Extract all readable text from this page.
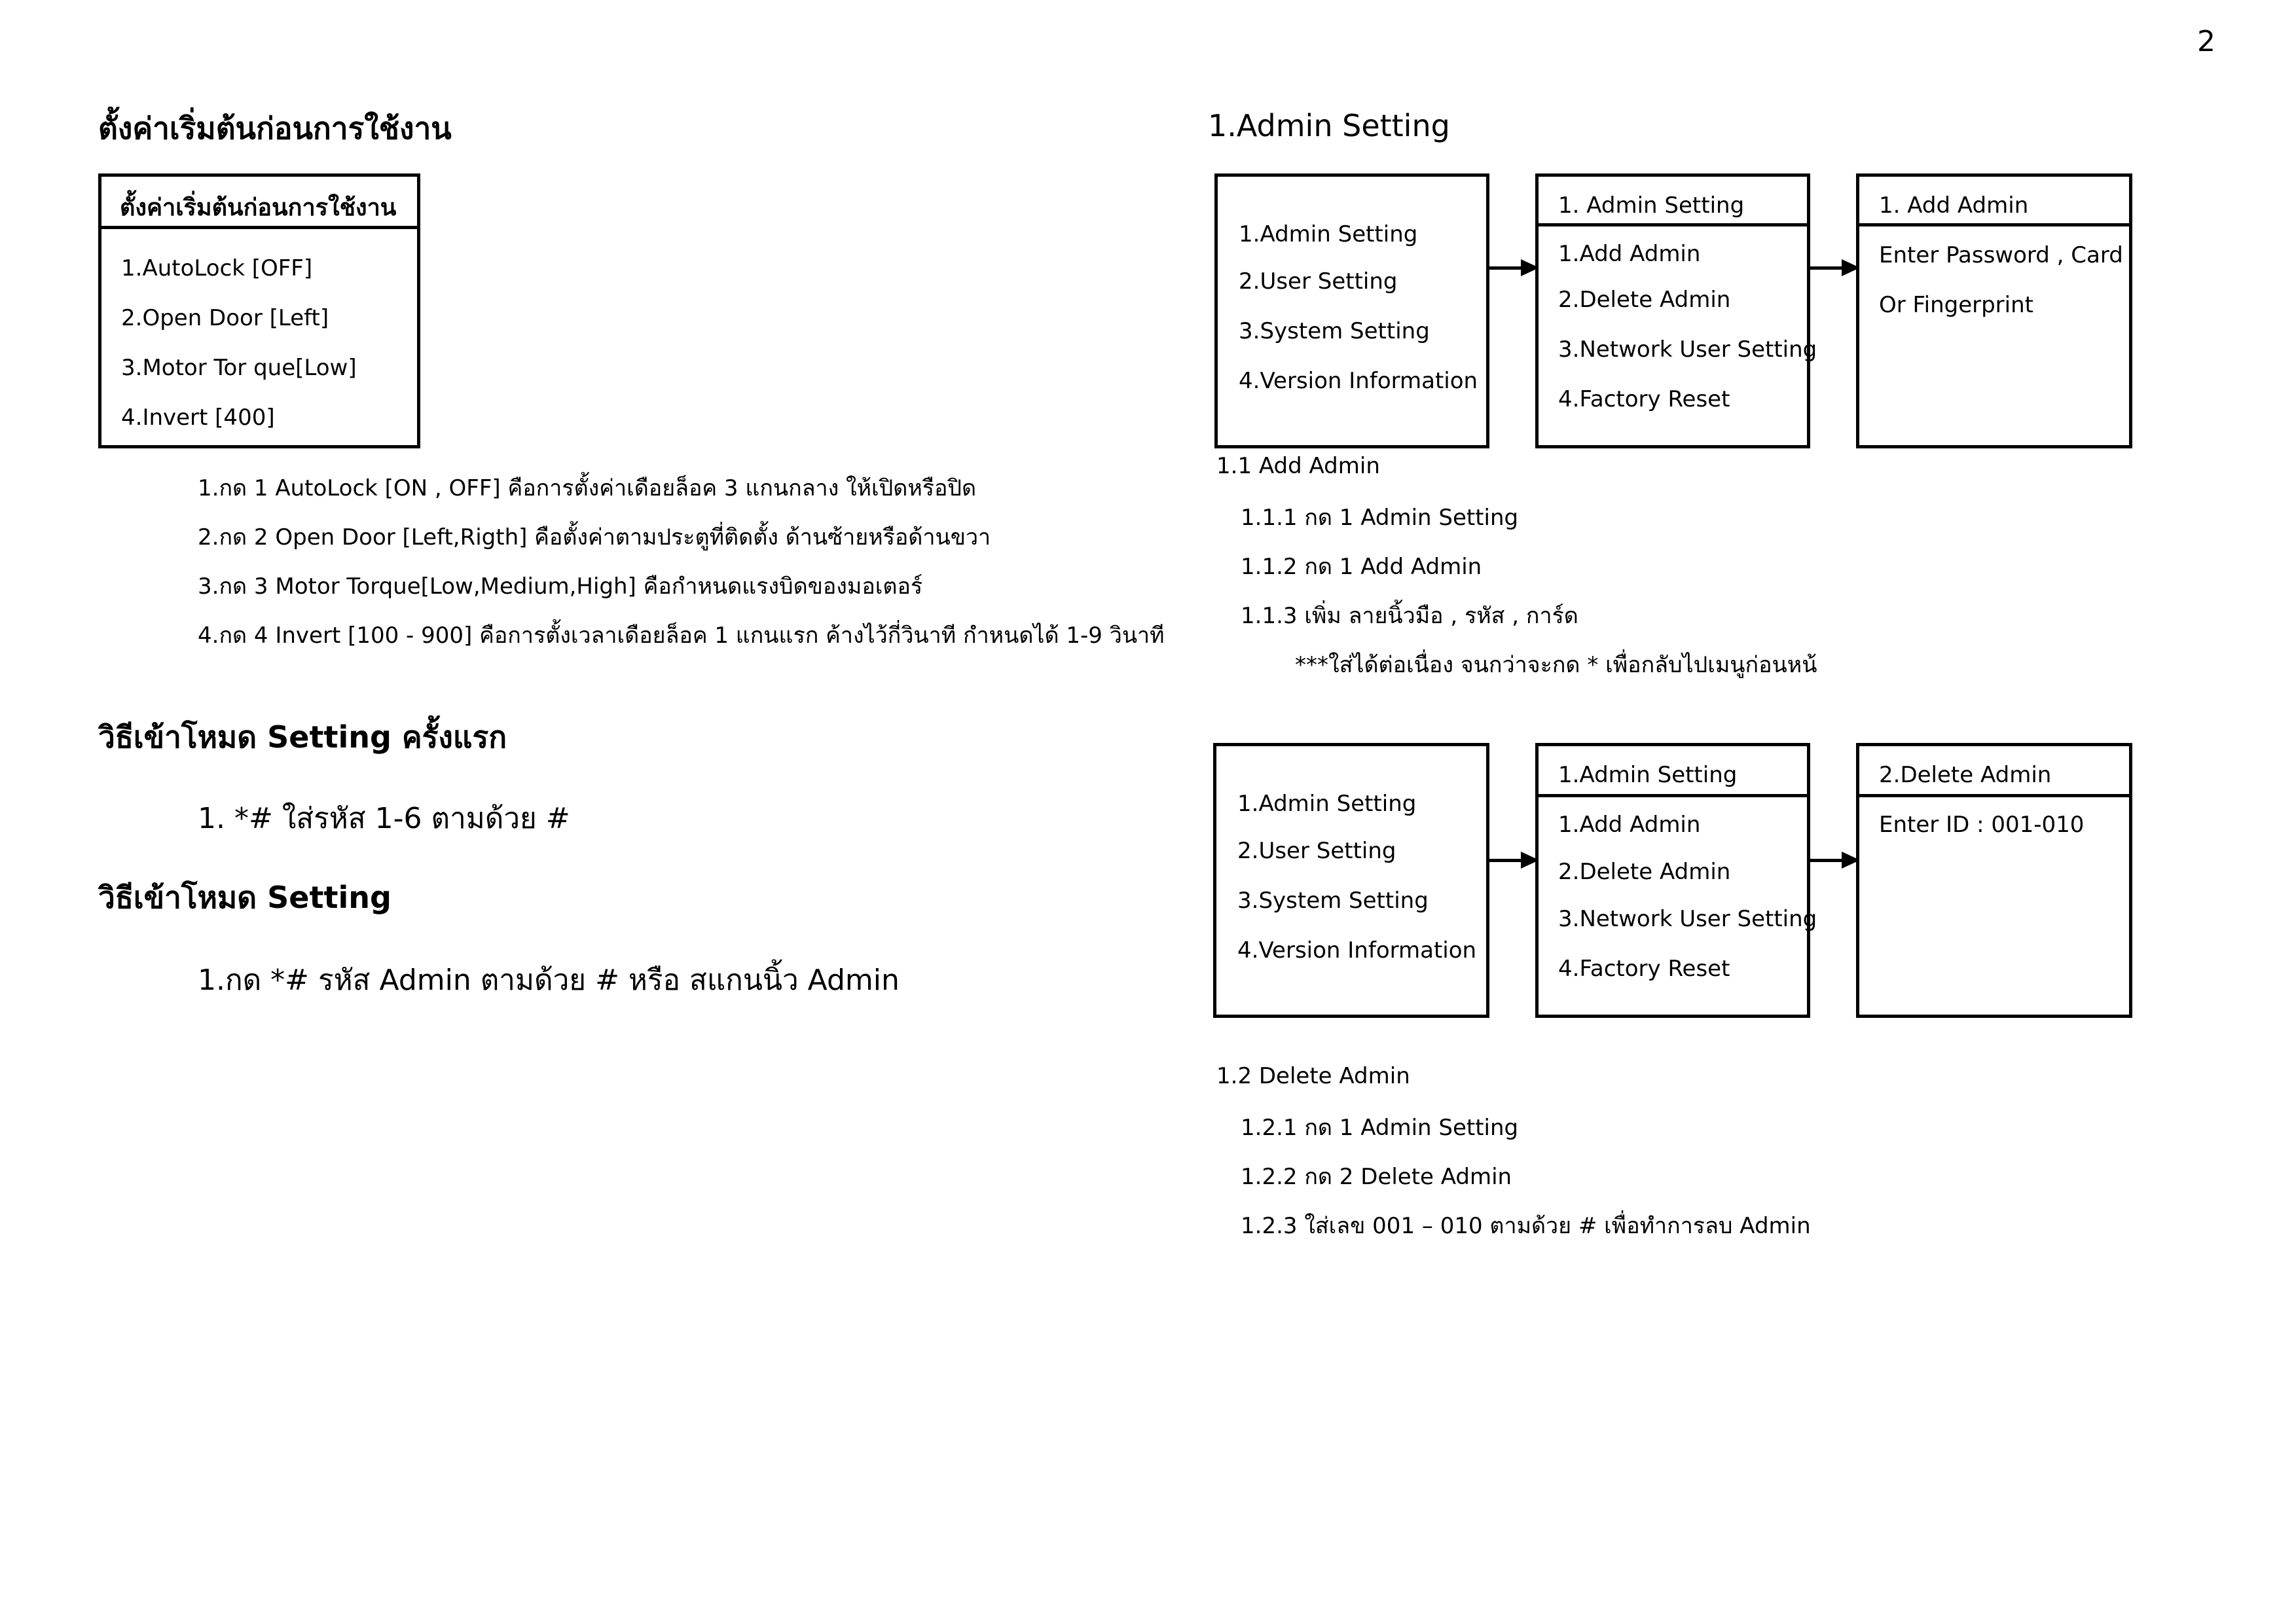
2
ตั้งค่าเริ่มต้นก่อนการใช้งาน
ตั้งค่าเริ่มต้นก่อนการใช้งาน
1.AutoLock [OFF]
2.Open Door [Left]
3.Motor Tor que[Low]
4.Invert [400]
1.กด 1 AutoLock [ON , OFF] คือการตั้งค่าเดือยล็อค 3 แกนกลาง ให้เปิดหรือปิด
2.กด 2 Open Door [Left,Rigth] คือตั้งค่าตามประตูที่ติดตั้ง ด้านซ้ายหรือด้านขวา
3.กด 3 Motor Torque[Low,Medium,High] คือกำหนดแรงบิดของมอเตอร์
4.กด 4 Invert [100 - 900] คือการตั้งเวลาเดือยล็อค 1 แกนแรก ค้างไว้กี่วินาที กำหนดได้ 1-9 วินาที
วิธีเข้าโหมด Setting ครั้งแรก
1. *# ใส่รหัส 1-6 ตามด้วย #
วิธีเข้าโหมด Setting
1.กด *# รหัส Admin ตามด้วย # หรือ สแกนนิ้ว Admin
1.Admin Setting
1.Admin Setting
2.User Setting
3.System Setting
4.Version Information
1. Admin Setting
1.Add Admin
2.Delete Admin
3.Network User Setting
4.Factory Reset
1. Add Admin
Enter Password , Card
Or Fingerprint
1.1 Add Admin
1.1.1 กด 1 Admin Setting
1.1.2 กด 1 Add Admin
1.1.3 เพิ่ม ลายนิ้วมือ , รหัส , การ์ด
***ใส่ได้ต่อเนื่อง จนกว่าจะกด * เพื่อกลับไปเมนูก่อนหน้
1.Admin Setting
2.User Setting
3.System Setting
4.Version Information
1.Admin Setting
1.Add Admin
2.Delete Admin
3.Network User Setting
4.Factory Reset
2.Delete Admin
Enter ID : 001-010
1.2 Delete Admin
1.2.1 กด 1 Admin Setting
1.2.2 กด 2 Delete Admin
1.2.3 ใส่เลข 001 – 010 ตามด้วย # เพื่อทำการลบ Admin
